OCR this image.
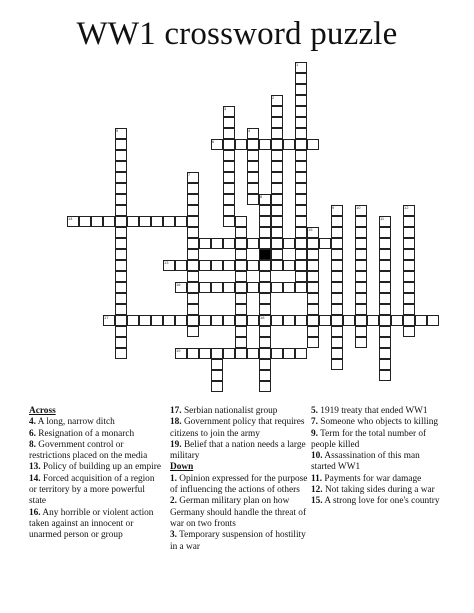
WW1 crossword puzzle
1
2
3
4
5
6
7
8
9	10
11
12
13
14
15
16
17	18
19

Across

4. A long, narrow ditch

6. Resignation of a monarch

8. Government control or restrictions placed on the media

13. Policy of building up an empire

14. Forced acquisition of a region or territory by a more powerful state

16. Any horrible or violent action taken against an innocent or unarmed person or group

17. Serbian nationalist group

18. Government policy that requires citizens to join the army

19. Belief that a nation needs a large military

Down

1. Opinion expressed for the purpose of influencing the actions of others

2. German military plan on how Germany should handle the threat of war on two fronts

3. Temporary suspension of hostility in a war

5. 1919 treaty that ended WW1

7. Someone who objects to killing

9. Term for the total number of people killed

10. Assassination of this man started WW1

11. Payments for war damage

12. Not taking sides during a war

15. A strong love for one's country
